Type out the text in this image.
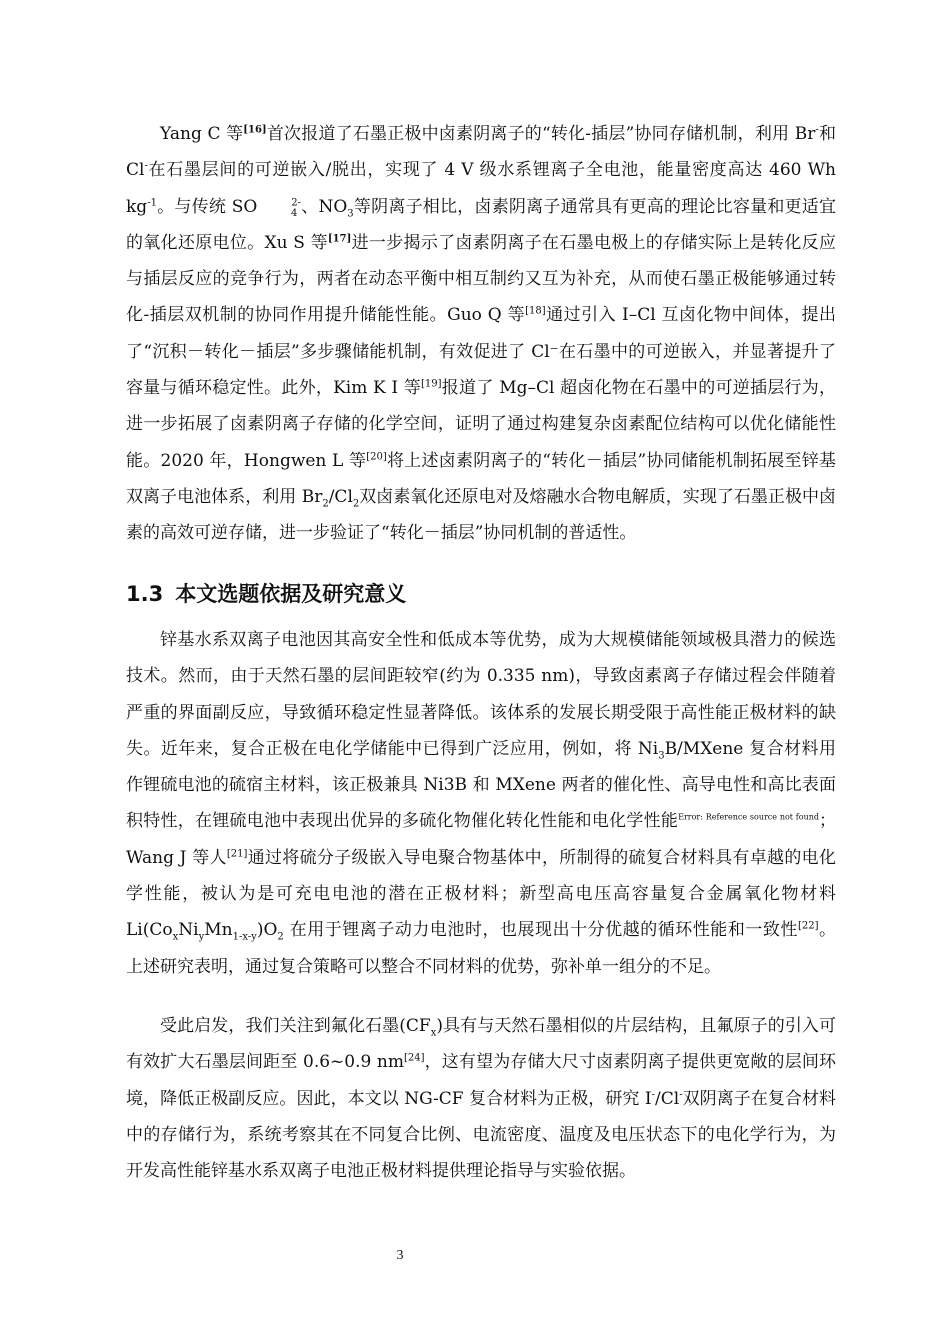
Yang C 等[16]首次报道了石墨正极中卤素阴离子的“转化-插层”协同存储机制，利用 Br-和 Cl-在石墨层间的可逆嵌入/脱出，实现了 4 V 级水系锂离子全电池，能量密度高达 460 Wh $kg^{-1}$。与传统 SO	$^{2-}_4$ 、$NO_3$等阴离子相比，卤素阴离子通常具有更高的理论比容量和更适宜的氧化还原电位。Xu S 等[17]进一步揭示了卤素阴离子在石墨电极上的存储实际上是转化反应与插层反应的竞争行为，两者在动态平衡中相互制约又互为补充，从而使石墨正极能够通过转化-插层双机制的协同作用提升储能性能。Guo Q 等[18]通过引入 I–Cl 互卤化物中间体，提出了“沉积－转化－插层”多步骤储能机制，有效促进了 Cl⁻在石墨中的可逆嵌入，并显著提升了容量与循环稳定性。此外，Kim K I 等[19]报道了 Mg–Cl 超卤化物在石墨中的可逆插层行为，进一步拓展了卤素阴离子存储的化学空间，证明了通过构建复杂卤素配位结构可以优化储能性能。2020 年，Hongwen L 等[20]将上述卤素阴离子的“转化－插层”协同储能机制拓展至锌基双离子电池体系，利用 $Br_2/Cl_2$双卤素氧化还原电对及熔融水合物电解质，实现了石墨正极中卤素的高效可逆存储，进一步验证了“转化－插层”协同机制的普适性。

1.3 本文选题依据及研究意义

锌基水系双离子电池因其高安全性和低成本等优势，成为大规模储能领域极具潜力的候选技术。然而，由于天然石墨的层间距较窄(约为 0.335 nm)，导致卤素离子存储过程会伴随着严重的界面副反应，导致循环稳定性显著降低。该体系的发展长期受限于高性能正极材料的缺失。近年来，复合正极在电化学储能中已得到广泛应用，例如，将 $Ni_3B$/MXene 复合材料用作锂硫电池的硫宿主材料，该正极兼具 Ni3B 和 MXene 两者的催化性、高导电性和高比表面积特性，在锂硫电池中表现出优异的多硫化物催化转化性能和电化学性能$^{Error: Reference source not found}$；Wang J 等人[21]通过将硫分子级嵌入导电聚合物基体中，所制得的硫复合材料具有卓越的电化学性能，被认为是可充电电池的潜在正极材料；新型高电压高容量复合金属氧化物材料 $Li(Co_xNi_yMn_{1-x-y})O_2$ 在用于锂离子动力电池时，也展现出十分优越的循环性能和一致性[22]。上述研究表明，通过复合策略可以整合不同材料的优势，弥补单一组分的不足。

受此启发，我们关注到氟化石墨$(CF_x)$具有与天然石墨相似的片层结构，且氟原子的引入可有效扩大石墨层间距至 0.6~0.9 nm[24]，这有望为存储大尺寸卤素阴离子提供更宽敞的层间环境，降低正极副反应。因此，本文以 NG-CF 复合材料为正极，研究 I-/Cl-双阴离子在复合材料中的存储行为，系统考察其在不同复合比例、电流密度、温度及电压状态下的电化学行为，为开发高性能锌基水系双离子电池正极材料提供理论指导与实验依据。

3
